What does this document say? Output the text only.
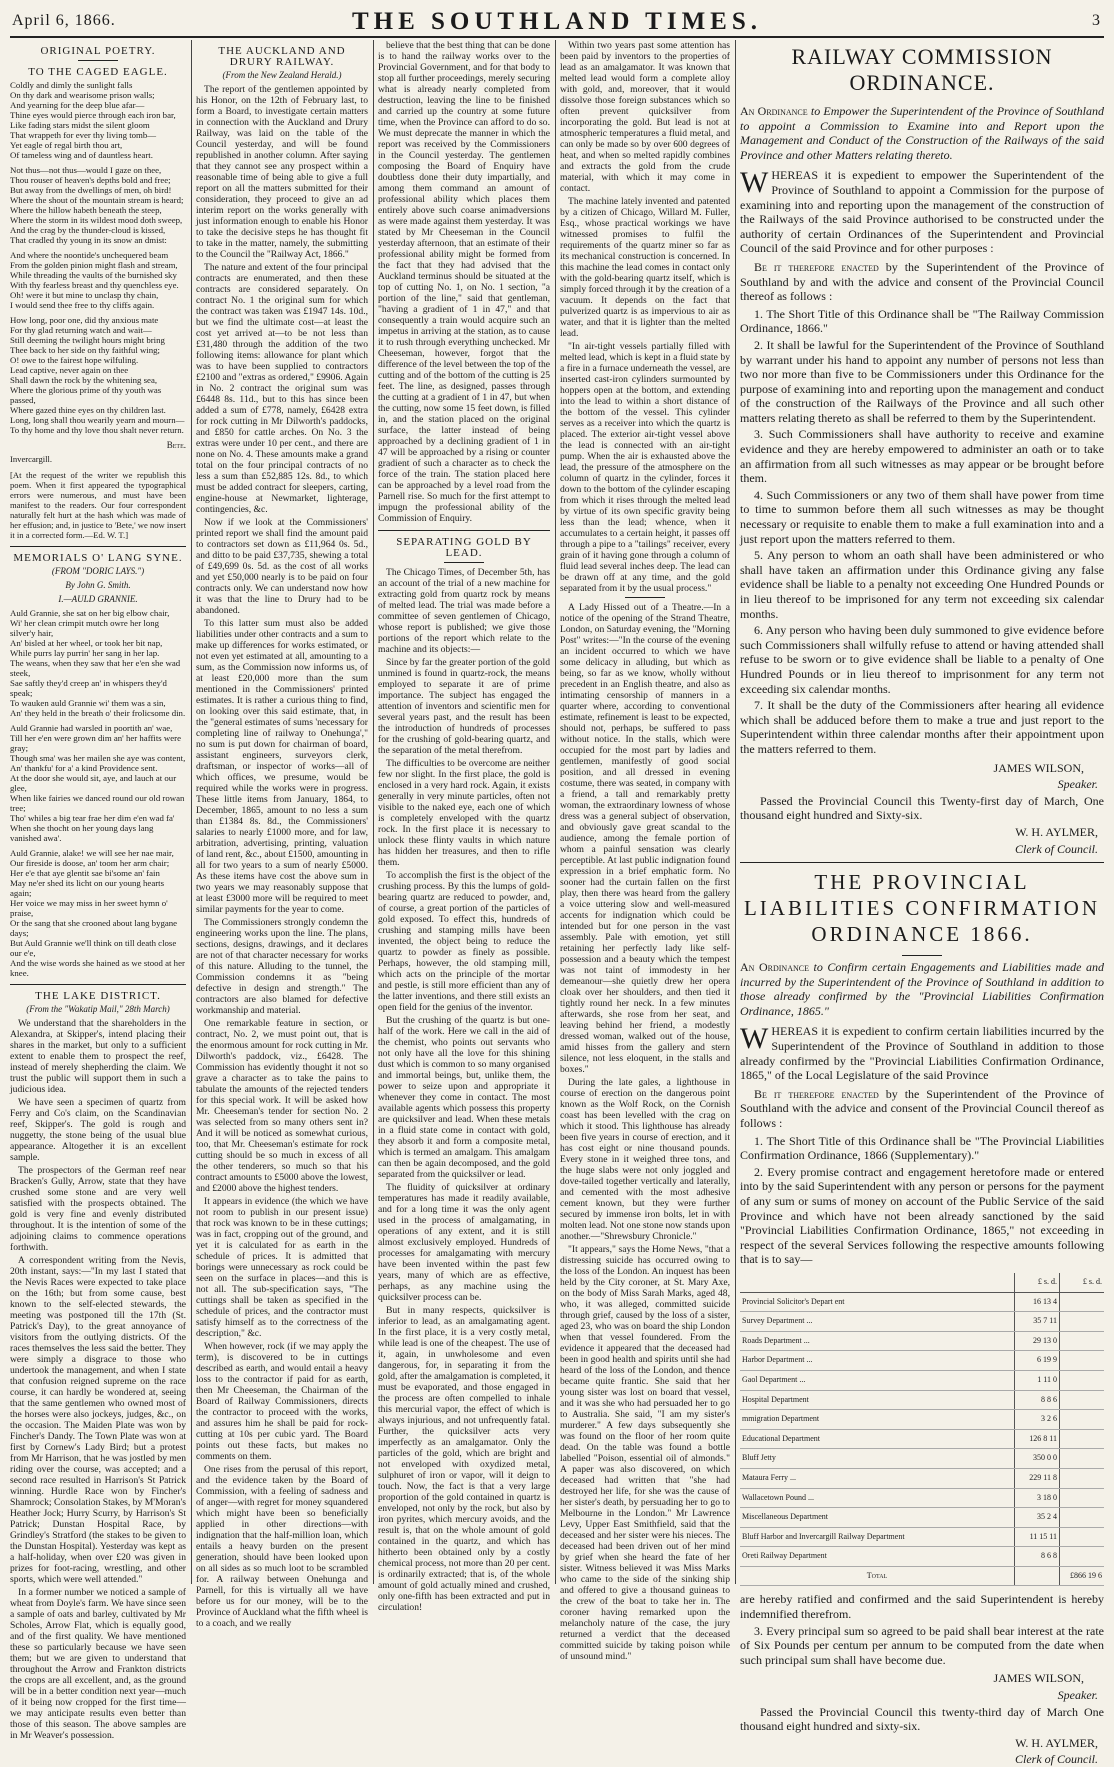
April 6, 1866.	THE SOUTHLAND TIMES.	3
ORIGINAL POETRY.
TO THE CAGED EAGLE.
Coldly and dimly the sunlight falls
On thy dark and wearisome prison walls;
And yearning for the deep blue afar—
Thine eyes would pierce through each iron bar,
Like fading stars midst the silent gloom
That wrappeth for ever thy living tomb—
Yet eagle of regal birth thou art,
Of tameless wing and of dauntless heart.
Not thus—not thus—would I gaze on thee,
Thou rouser of heaven's depths bold and free;
But away from the dwellings of men, oh bird!
Where the shout of the mountain stream is heard;
Where the hillow habeth beneath the steep,
Where the storm in its wildest mood doth sweep,
And the crag by the thunder-cloud is kissed,
That cradled thy young in its snow an dmist:
And where the noontide's unchequered beam
From the golden pinion might flash and stream,
While threading the vaults of the burnished sky
With thy fearless breast and thy quenchless eye.
Oh! were it but mine to unclasp thy chain,
I would send thee free to thy cliffs again.
How long, poor one, did thy anxious mate
For thy glad returning watch and wait—
Still deeming the twilight hours might bring
Thee back to her side on thy faithful wing;
O! owe to the fairest hope wilfuling.
Lead captive, never again on thee
Shall dawn the rock by the whitening sea,
Where the glorious prime of thy youth was passed,
Where gazed thine eyes on thy children last.
Long, long shall thou wearily yearn and mourn—
To thy home and thy love thou shalt never return.
Bete.
Invercargill.
[At the request of the writer we republish this poem. When it first appeared the typographical errors were numerous, and must have been manifest to the readers. Our four correspondent naturally felt hurt at the hash which was made of her effusion; and, in justice to 'Bete,' we now insert it in a corrected form.—Ed. W. T.]
MEMORIALS O' LANG SYNE.
(FROM "DORIC LAYS.")
By John G. Smith.
I.—AULD GRANNIE.
Auld Grannie, she sat on her big elbow chair,
Wi' her clean crimpit mutch owre her long silver'y hair,
An' bisled at her wheel, or took her bit nap,
While purrs lay purrin' her sang in her lap.
The weans, when they saw that her e'en she wad steek,
Sae saftly they'd creep an' in whispers they'd speak;
To wauken auld Grannie wi' them was a sin,
An' they held in the breath o' their frolicsome din.
Auld Grannie had warsled in poortith an' wae,
Till her e'en were grown dim an' her haffits were gray;
Though sma' was her mailen she aye was content,
An' thankfu' for a' a kind Providence sent.
At the door she would sit, aye, and lauch at our glee,
When like fairies we danced round our old rowan tree;
Tho' whiles a big tear frae her dim e'en wad fa'
When she thocht on her young days lang vanished awa'.
Auld Grannie, alake! we will see her nae mair,
Our fireside is doose, an' toom her arm chair;
Her e'e that aye glentit sae bi'some an' fain
May ne'er shed its licht on our young hearts again;
Her voice we may miss in her sweet hymn o' praise,
Or the sang that she crooned about lang bygane days;
But Auld Grannie we'll think on till death close our e'e,
And the wise words she hained as we stood at her knee.
THE LAKE DISTRICT.
(From the "Wakatip Mail," 28th March)

We understand that the shareholders in the Alexandra, at Skipper's, intend placing their shares in the market, but only to a sufficient extent to enable them to prospect the reef, instead of merely shepherding the claim. We trust the public will support them in such a judicious idea.

We have seen a specimen of quartz from Ferry and Co's claim, on the Scandinavian reef, Skipper's. The gold is rough and nuggetty, the stone being of the usual blue appearance. Altogether it is an excellent sample.

The prospectors of the German reef near Bracken's Gully, Arrow, state that they have crushed some stone and are very well satisfied with the prospects obtained. The gold is very fine and evenly distributed throughout. It is the intention of some of the adjoining claims to commence operations forthwith.

A correspondent writing from the Nevis, 20th instant, says:—"In my last I stated that the Nevis Races were expected to take place on the 16th; but from some cause, best known to the self-elected stewards, the meeting was postponed till the 17th (St. Patrick's Day), to the great annoyance of visitors from the outlying districts. Of the races themselves the less said the better. They were simply a disgrace to those who undertook the management, and when I state that confusion reigned supreme on the race course, it can hardly be wondered at, seeing that the same gentlemen who owned most of the horses were also jockeys, judges, &c., on the occasion. The Maiden Plate was won by Fincher's Dandy. The Town Plate was won at first by Cornew's Lady Bird; but a protest from Mr Harrison, that he was jostled by men riding over the course, was accepted; and a second race resulted in Harrison's St Patrick winning. Hurdle Race won by Fincher's Shamrock; Consolation Stakes, by M'Moran's Heather Jock; Hurry Scurry, by Harrison's St Patrick; Dunstan Hospital Race, by Grindley's Stratford (the stakes to be given to the Dunstan Hospital). Yesterday was kept as a half-holiday, when over £20 was given in prizes for foot-racing, wrestling, and other sports, which were well attended."

In a former number we noticed a sample of wheat from Doyle's farm. We have since seen a sample of oats and barley, cultivated by Mr Scholes, Arrow Flat, which is equally good, and of the first quality. We have mentioned these so particularly because we have seen them; but we are given to understand that throughout the Arrow and Frankton districts the crops are all excellent, and, as the ground will be in a better condition next year—much of it being now cropped for the first time—we may anticipate results even better than those of this season. The above samples are in Mr Weaver's possession.

THE AUCKLAND AND DRURY RAILWAY.
(From the New Zealand Herald.)

The report of the gentlemen appointed by his Honor, on the 12th of February last, to form a Board, to investigate certain matters in connection with the Auckland and Drury Railway, was laid on the table of the Council yesterday, and will be found republished in another column. After saying that they cannot see any prospect within a reasonable time of being able to give a full report on all the matters submitted for their consideration, they proceed to give an ad interim report on the works generally with just information enough to enable his Honor to take the decisive steps he has thought fit to take in the matter, namely, the submitting to the Council the "Railway Act, 1866."

The nature and extent of the four principal contracts are enumerated, and then these contracts are considered separately. On contract No. 1 the original sum for which the contract was taken was £1947 14s. 10d., but we find the ultimate cost—at least the cost yet arrived at—to be not less than £31,480 through the addition of the two following items: allowance for plant which was to have been supplied to contractors £2100 and "extras as ordered," £9906. Again in No. 2 contract the original sum was £6448 8s. 11d., but to this has since been added a sum of £778, namely, £6428 extra for rock cutting in Mr Dilworth's paddocks, and £850 for cattle arches. On No. 3 the extras were under 10 per cent., and there are none on No. 4. These amounts make a grand total on the four principal contracts of no less a sum than £52,885 12s. 8d., to which must be added contract for sleepers, carting, engine-house at Newmarket, lighterage, contingencies, &c.

Now if we look at the Commissioners' printed report we shall find the amount paid to contractors set down as £11,964 0s. 5d., and ditto to be paid £37,735, shewing a total of £49,699 0s. 5d. as the cost of all works and yet £50,000 nearly is to be paid on four contracts only. We can understand now how it was that the line to Drury had to be abandoned.

To this latter sum must also be added liabilities under other contracts and a sum to make up differences for works estimated, or not even yet estimated at all, amounting to a sum, as the Commission now informs us, of at least £20,000 more than the sum mentioned in the Commissioners' printed estimates. It is rather a curious thing to find, on looking over this said estimate, that, in the "general estimates of sums 'necessary for completing line of railway to Onehunga'," no sum is put down for chairman of board, assistant engineers, surveyors clerk, draftsman, or inspector of works—all of which offices, we presume, would be required while the works were in progress. These little items from January, 1864, to December, 1865, amount to no less a sum than £1384 8s. 8d., the Commissioners' salaries to nearly £1000 more, and for law, arbitration, advertising, printing, valuation of land rent, &c., about £1500, amounting in all for two years to a sum of nearly £5000. As these items have cost the above sum in two years we may reasonably suppose that at least £3000 more will be required to meet similar payments for the year to come.

The Commissioners strongly condemn the engineering works upon the line. The plans, sections, designs, drawings, and it declares are not of that character necessary for works of this nature. Alluding to the tunnel, the Commission condemns it as "being defective in design and strength." The contractors are also blamed for defective workmanship and material.

One remarkable feature in section, or contract, No. 2, we must point out, that is the enormous amount for rock cutting in Mr. Dilworth's paddock, viz., £6428. The Commission has evidently thought it not so grave a character as to take the pains to tabulate the amounts of the rejected tenders for this special work. It will be asked how Mr. Cheeseman's tender for section No. 2 was selected from so many others sent in? And it will be noticed as somewhat curious, too, that Mr. Cheeseman's estimate for rock cutting should be so much in excess of all the other tenderers, so much so that his contract amounts to £5000 above the lowest, and £2000 above the highest tenders.

It appears in evidence (the which we have not room to publish in our present issue) that rock was known to be in these cuttings; was in fact, cropping out of the ground, and yet it is calculated for as earth in the schedule of prices. It is admitted that borings were unnecessary as rock could be seen on the surface in places—and this is not all. The sub-specification says, "The cuttings shall be taken as specified in the schedule of prices, and the contractor must satisfy himself as to the correctness of the description," &c.

When however, rock (if we may apply the term), is discovered to be in cuttings described as earth, and would entail a heavy loss to the contractor if paid for as earth, then Mr Cheeseman, the Chairman of the Board of Railway Commissioners, directs the contractor to proceed with the works, and assures him he shall be paid for rock-cutting at 10s per cubic yard. The Board points out these facts, but makes no comments on them.

One rises from the perusal of this report, and the evidence taken by the Board of Commission, with a feeling of sadness and of anger—with regret for money squandered which might have been so beneficially applied in other directions—with indignation that the half-million loan, which entails a heavy burden on the present generation, should have been looked upon on all sides as so much loot to be scrambled for. A railway between Onehunga and Parnell, for this is virtually all we have before us for our money, will be to the Province of Auckland what the fifth wheel is to a coach, and we really

believe that the best thing that can be done is to hand the railway works over to the Provincial Government, and for that body to stop all further proceedings, merely securing what is already nearly completed from destruction, leaving the line to be finished and carried up the country at some future time, when the Province can afford to do so. We must deprecate the manner in which the report was received by the Commissioners in the Council yesterday. The gentlemen composing the Board of Enquiry have doubtless done their duty impartially, and among them command an amount of professional ability which places them entirely above such coarse animadversions as were made against them yesterday. It was stated by Mr Cheeseman in the Council yesterday afternoon, that an estimate of their professional ability might be formed from the fact that they had advised that the Auckland terminus should be situated at the top of cutting No. 1, on No. 1 section, "a portion of the line," said that gentleman, "having a gradient of 1 in 47," and that consequently a train would acquire such an impetus in arriving at the station, as to cause it to rush through everything unchecked. Mr Cheeseman, however, forgot that the difference of the level between the top of the cutting and of the bottom of the cutting is 25 feet. The line, as designed, passes through the cutting at a gradient of 1 in 47, but when the cutting, now some 15 feet down, is filled in, and the station placed on the original surface, the latter instead of being approached by a declining gradient of 1 in 47 will be approached by a rising or counter gradient of such a character as to check the force of the train. The station placed here can be approached by a level road from the Parnell rise. So much for the first attempt to impugn the professional ability of the Commission of Enquiry.

SEPARATING GOLD BY LEAD.

The Chicago Times, of December 5th, has an account of the trial of a new machine for extracting gold from quartz rock by means of melted lead. The trial was made before a committee of seven gentlemen of Chicago, whose report is published; we give those portions of the report which relate to the machine and its objects:—

Since by far the greater portion of the gold unmined is found in quartz-rock, the means employed to separate it are of prime importance. The subject has engaged the attention of inventors and scientific men for several years past, and the result has been the introduction of hundreds of processes for the crushing of gold-bearing quartz, and the separation of the metal therefrom.

The difficulties to be overcome are neither few nor slight. In the first place, the gold is enclosed in a very hard rock. Again, it exists generally in very minute particles, often not visible to the naked eye, each one of which is completely enveloped with the quartz rock. In the first place it is necessary to unlock these flinty vaults in which nature has hidden her treasures, and then to rifle them.

To accomplish the first is the object of the crushing process. By this the lumps of gold-bearing quartz are reduced to powder, and, of course, a great portion of the particles of gold exposed. To effect this, hundreds of crushing and stamping mills have been invented, the object being to reduce the quartz to powder as finely as possible. Perhaps, however, the old stamping mill, which acts on the principle of the mortar and pestle, is still more efficient than any of the latter inventions, and there still exists an open field for the genius of the inventor.

But the crushing of the quartz is but one-half of the work. Here we call in the aid of the chemist, who points out servants who not only have all the love for this shining dust which is common to so many organised and immortal beings, but, unlike them, the power to seize upon and appropriate it whenever they come in contact. The most available agents which possess this property are quicksilver and lead. When these metals in a fluid state come in contact with gold, they absorb it and form a composite metal, which is termed an amalgam. This amalgam can then be again decomposed, and the gold separated from the quicksilver or lead.

The fluidity of quicksilver at ordinary temperatures has made it readily available, and for a long time it was the only agent used in the process of amalgamating, in operations of any extent, and it is still almost exclusively employed. Hundreds of processes for amalgamating with mercury have been invented within the past few years, many of which are as effective, perhaps, as any machine using the quicksilver process can be.

But in many respects, quicksilver is inferior to lead, as an amalgamating agent. In the first place, it is a very costly metal, while lead is one of the cheapest. The use of it, again, in unwholesome and even dangerous, for, in separating it from the gold, after the amalgamation is completed, it must be evaporated, and those engaged in the process are often compelled to inhale this mercurial vapor, the effect of which is always injurious, and not unfrequently fatal. Further, the quicksilver acts very imperfectly as an amalgamator. Only the particles of the gold, which are bright and not enveloped with oxydized metal, sulphuret of iron or vapor, will it deign to touch. Now, the fact is that a very large proportion of the gold contained in quartz is enveloped, not only by the rock, but also by iron pyrites, which mercury avoids, and the result is, that on the whole amount of gold contained in the quartz, and which has hitherto been obtained only by a costly chemical process, not more than 20 per cent. is ordinarily extracted; that is, of the whole amount of gold actually mined and crushed, only one-fifth has been extracted and put in circulation!

Within two years past some attention has been paid by inventors to the properties of lead as an amalgamator. It was known that melted lead would form a complete alloy with gold, and, moreover, that it would dissolve those foreign substances which so often prevent quicksilver from incorporating the gold. But lead is not at atmospheric temperatures a fluid metal, and can only be made so by over 600 degrees of heat, and when so melted rapidly combines and extracts the gold from the crude material, with which it may come in contact.

The machine lately invented and patented by a citizen of Chicago, Willard M. Fuller, Esq., whose practical workings we have witnessed promises to fulfil the requirements of the quartz miner so far as its mechanical construction is concerned. In this machine the lead comes in contact only with the gold-bearing quartz itself, which is simply forced through it by the creation of a vacuum. It depends on the fact that pulverized quartz is as impervious to air as water, and that it is lighter than the melted lead.

"In air-tight vessels partially filled with melted lead, which is kept in a fluid state by a fire in a furnace underneath the vessel, are inserted cast-iron cylinders surmounted by hoppers open at the bottom, and extending into the lead to within a short distance of the bottom of the vessel. This cylinder serves as a receiver into which the quartz is placed. The exterior air-tight vessel above the lead is connected with an air-tight pump. When the air is exhausted above the lead, the pressure of the atmosphere on the column of quartz in the cylinder, forces it down to the bottom of the cylinder escaping from which it rises through the melted lead by virtue of its own specific gravity being less than the lead; whence, when it accumulates to a certain height, it passes off through a pipe to a "tailings" receiver, every grain of it having gone through a column of fluid lead several inches deep. The lead can be drawn off at any time, and the gold separated from it by the usual process."

A Lady Hissed out of a Theatre.—In a notice of the opening of the Strand Theatre, London, on Saturday evening, the "Morning Post" writes:—"In the course of the evening an incident occurred to which we have some delicacy in alluding, but which as being, so far as we know, wholly without precedent in an English theatre, and also as intimating censorship of manners in a quarter where, according to conventional estimate, refinement is least to be expected, should not, perhaps, be suffered to pass without notice. In the stalls, which were occupied for the most part by ladies and gentlemen, manifestly of good social position, and all dressed in evening costume, there was seated, in company with a friend, a tall and remarkably pretty woman, the extraordinary lowness of whose dress was a general subject of observation, and obviously gave great scandal to the audience, among the female portion of whom a painful sensation was clearly perceptible. At last public indignation found expression in a brief emphatic form. No sooner had the curtain fallen on the first play, then there was heard from the gallery a voice uttering slow and well-measured accents for indignation which could be intended but for one person in the vast assembly. Pale with emotion, yet still retaining her perfectly lady like self-possession and a beauty which the tempest was not taint of immodesty in her demeanour—she quietly drew her opera cloak over her shoulders, and then tied it tightly round her neck. In a few minutes afterwards, she rose from her seat, and leaving behind her friend, a modestly dressed woman, walked out of the house, amid hisses from the gallery and stern silence, not less eloquent, in the stalls and boxes."

During the late gales, a lighthouse in course of erection on the dangerous point known as the Wolf Rock, on the Cornish coast has been levelled with the crag on which it stood. This lighthouse has already been five years in course of erection, and it has cost eight or nine thousand pounds. Every stone in it weighed three tons, and the huge slabs were not only joggled and dove-tailed together vertically and laterally, and cemented with the most adhesive cement known, but they were further secured by immense iron bolts, let in with molten lead. Not one stone now stands upon another.—"Shrewsbury Chronicle."

"It appears," says the Home News, "that a distressing suicide has occurred owing to the loss of the London. An inquest has been held by the City coroner, at St. Mary Axe, on the body of Miss Sarah Marks, aged 48, who, it was alleged, committed suicide through grief, caused by the loss of a sister, aged 23, who was on board the ship London when that vessel foundered. From the evidence it appeared that the deceased had been in good health and spirits until she had heard of the loss of the London, and thence became quite frantic. She said that her young sister was lost on board that vessel, and it was she who had persuaded her to go to Australia. She said, "I am my sister's murderer." A few days subsequently she was found on the floor of her room quite dead. On the table was found a bottle labelled "Poison, essential oil of almonds." A paper was also discovered, on which deceased had written that "she had destroyed her life, for she was the cause of her sister's death, by persuading her to go to Melbourne in the London." Mr Lawrence Levy, Upper East Smithfield, said that the deceased and her sister were his nieces. The deceased had been driven out of her mind by grief when she heard the fate of her sister. Witness believed it was Miss Marks who came to the side of the sinking ship and offered to give a thousand guineas to the crew of the boat to take her in. The coroner having remarked upon the melancholy nature of the case, the jury returned a verdict that the deceased committed suicide by taking poison while of unsound mind."

RAILWAY COMMISSION ORDINANCE.

An Ordinance to Empower the Superintendent of the Province of Southland to appoint a Commission to Examine into and Report upon the Management and Conduct of the Construction of the Railways of the said Province and other Matters relating thereto.

WHEREAS it is expedient to empower the Superintendent of the Province of Southland to appoint a Commission for the purpose of examining into and reporting upon the management of the construction of the Railways of the said Province authorised to be constructed under the authority of certain Ordinances of the Superintendent and Provincial Council of the said Province and for other purposes :

Be it therefore enacted by the Superintendent of the Province of Southland by and with the advice and consent of the Provincial Council thereof as follows :

1. The Short Title of this Ordinance shall be "The Railway Commission Ordinance, 1866."

2. It shall be lawful for the Superintendent of the Province of Southland by warrant under his hand to appoint any number of persons not less than two nor more than five to be Commissioners under this Ordinance for the purpose of examining into and reporting upon the management and conduct of the construction of the Railways of the Province and all such other matters relating thereto as shall be referred to them by the Superintendent.

3. Such Commissioners shall have authority to receive and examine evidence and they are hereby empowered to administer an oath or to take an affirmation from all such witnesses as may appear or be brought before them.

4. Such Commissioners or any two of them shall have power from time to time to summon before them all such witnesses as may be thought necessary or requisite to enable them to make a full examination into and a just report upon the matters referred to them.

5. Any person to whom an oath shall have been administered or who shall have taken an affirmation under this Ordinance giving any false evidence shall be liable to a penalty not exceeding One Hundred Pounds or in lieu thereof to be imprisoned for any term not exceeding six calendar months.

6. Any person who having been duly summoned to give evidence before such Commissioners shall wilfully refuse to attend or having attended shall refuse to be sworn or to give evidence shall be liable to a penalty of One Hundred Pounds or in lieu thereof to imprisonment for any term not exceeding six calendar months.

7. It shall be the duty of the Commissioners after hearing all evidence which shall be adduced before them to make a true and just report to the Superintendent within three calendar months after their appointment upon the matters referred to them.

JAMES WILSON,

Speaker.

Passed the Provincial Council this Twenty-first day of March, One thousand eight hundred and Sixty-six.

W. H. AYLMER,

Clerk of Council.

THE PROVINCIAL LIABILITIES CONFIRMATION ORDINANCE 1866.

An Ordinance to Confirm certain Engagements and Liabilities made and incurred by the Superintendent of the Province of Southland in addition to those already confirmed by the "Provincial Liabilities Confirmation Ordinance, 1865."

WHEREAS it is expedient to confirm certain liabilities incurred by the Superintendent of the Province of Southland in addition to those already confirmed by the "Provincial Liabilities Confirmation Ordinance, 1865," of the Local Legislature of the said Province

Be it therefore enacted by the Superintendent of the Province of Southland with the advice and consent of the Provincial Council thereof as follows :

1. The Short Title of this Ordinance shall be "The Provincial Liabilities Confirmation Ordinance, 1866 (Supplementary)."

2. Every promise contract and engagement heretofore made or entered into by the said Superintendent with any person or persons for the payment of any sum or sums of money on account of the Public Service of the said Province and which have not been already sanctioned by the said "Provincial Liabilities Confirmation Ordinance, 1865," not exceeding in respect of the several Services following the respective amounts following that is to say—

	£ s. d.	£ s. d.
Provincial Solicitor's Depart ent	16 13 4	
Survey Department ...	35 7 11	
Roads Department ...	29 13 0	
Harbor Department ...	6 19 9	
Gaol Department ...	1 11 0	
Hospital Department	8 8 6	
mmigration Department	3 2 6	
Educational Department	126 8 11	
Bluff Jetty	350 0 0	
Mataura Ferry ...	229 11 8	
Wallacetown Pound ...	3 18 0	
Miscellaneous Department	35 2 4	
Bluff Harbor and Invercargill Railway Department	11 15 11	
Oreti Railway Department	8 6 8	
Total		£866 19 6

are hereby ratified and confirmed and the said Superintendent is hereby indemnified therefrom.

3. Every principal sum so agreed to be paid shall bear interest at the rate of Six Pounds per centum per annum to be computed from the date when such principal sum shall have become due.

JAMES WILSON,

Speaker.

Passed the Provincial Council this twenty-third day of March One thousand eight hundred and sixty-six.

W. H. AYLMER,

Clerk of Council.
